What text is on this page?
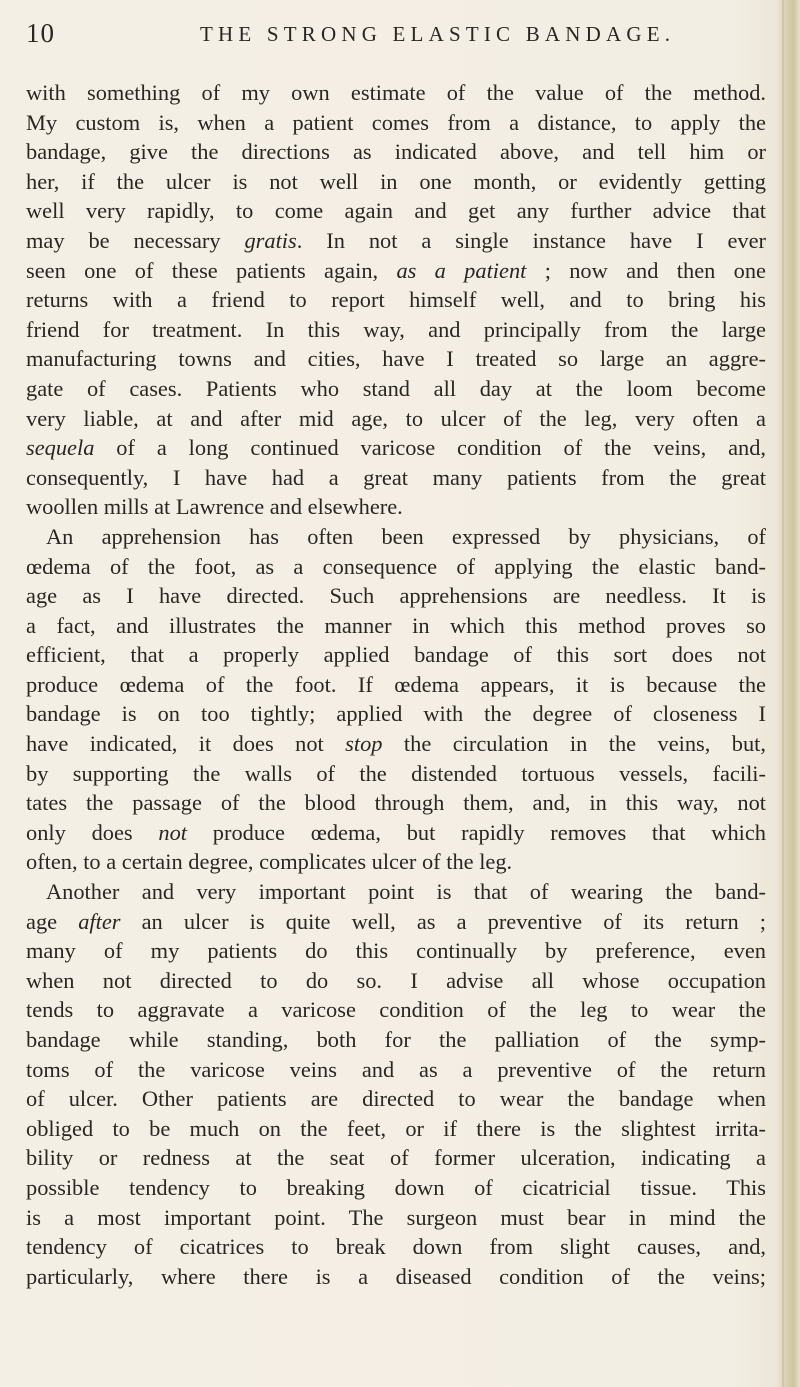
10	THE STRONG ELASTIC BANDAGE.
with something of my own estimate of the value of the method.
My custom is, when a patient comes from a distance, to apply the
bandage, give the directions as indicated above, and tell him or
her, if the ulcer is not well in one month, or evidently getting
well very rapidly, to come again and get any further advice that
may be necessary gratis. In not a single instance have I ever
seen one of these patients again, as a patient ; now and then one
returns with a friend to report himself well, and to bring his
friend for treatment. In this way, and principally from the large
manufacturing towns and cities, have I treated so large an aggre-
gate of cases. Patients who stand all day at the loom become
very liable, at and after mid age, to ulcer of the leg, very often a
sequela of a long continued varicose condition of the veins, and,
consequently, I have had a great many patients from the great
woollen mills at Lawrence and elsewhere.
An apprehension has often been expressed by physicians, of
œdema of the foot, as a consequence of applying the elastic band-
age as I have directed. Such apprehensions are needless. It is
a fact, and illustrates the manner in which this method proves so
efficient, that a properly applied bandage of this sort does not
produce œdema of the foot. If œdema appears, it is because the
bandage is on too tightly; applied with the degree of closeness I
have indicated, it does not stop the circulation in the veins, but,
by supporting the walls of the distended tortuous vessels, facili-
tates the passage of the blood through them, and, in this way, not
only does not produce œdema, but rapidly removes that which
often, to a certain degree, complicates ulcer of the leg.
Another and very important point is that of wearing the band-
age after an ulcer is quite well, as a preventive of its return ;
many of my patients do this continually by preference, even
when not directed to do so. I advise all whose occupation
tends to aggravate a varicose condition of the leg to wear the
bandage while standing, both for the palliation of the symp-
toms of the varicose veins and as a preventive of the return
of ulcer. Other patients are directed to wear the bandage when
obliged to be much on the feet, or if there is the slightest irrita-
bility or redness at the seat of former ulceration, indicating a
possible tendency to breaking down of cicatricial tissue. This
is a most important point. The surgeon must bear in mind the
tendency of cicatrices to break down from slight causes, and,
particularly, where there is a diseased condition of the veins;
